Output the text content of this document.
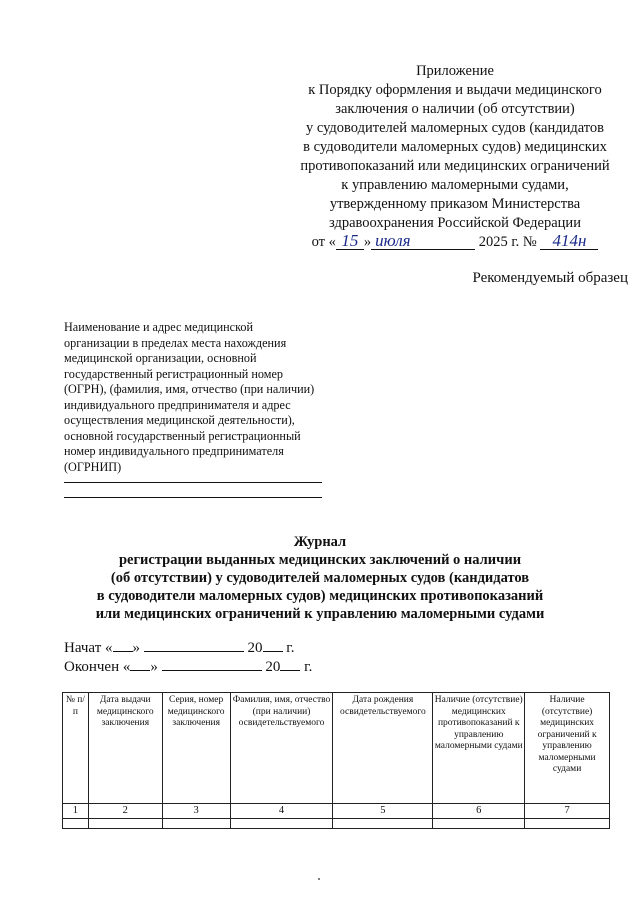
Приложение
к Порядку оформления и выдачи медицинского
заключения о наличии (об отсутствии)
у судоводителей маломерных судов (кандидатов
в судоводители маломерных судов) медицинских
противопоказаний или медицинских ограничений
к управлению маломерными судами,
утвержденному приказом Министерства
здравоохранения Российской Федерации
от « 15 » июля	2025 г. № 414н
Рекомендуемый образец
Наименование и адрес медицинской
организации в пределах места нахождения
медицинской организации, основной
государственный регистрационный номер
(ОГРН), (фамилия, имя, отчество (при наличии)
индивидуального предпринимателя и адрес
осуществления медицинской деятельности),
основной государственный регистрационный
номер индивидуального предпринимателя
(ОГРНИП)
Журнал
регистрации выданных медицинских заключений о наличии
(об отсутствии) у судоводителей маломерных судов (кандидатов
в судоводители маломерных судов) медицинских противопоказаний
или медицинских ограничений к управлению маломерными судами
Начат « »	20 г.
Окончен « »	20 г.
№ п/п	Дата выдачи медицинского заключения	Серия, номер медицинского заключения	Фамилия, имя, отчество (при наличии) освидетельствуемого	Дата рождения освидетельствуемого	Наличие (отсутствие) медицинских противопоказаний к управлению маломерными судами	Наличие (отсутствие) медицинских ограничений к управлению маломерными судами
1	2	3	4	5	6	7
